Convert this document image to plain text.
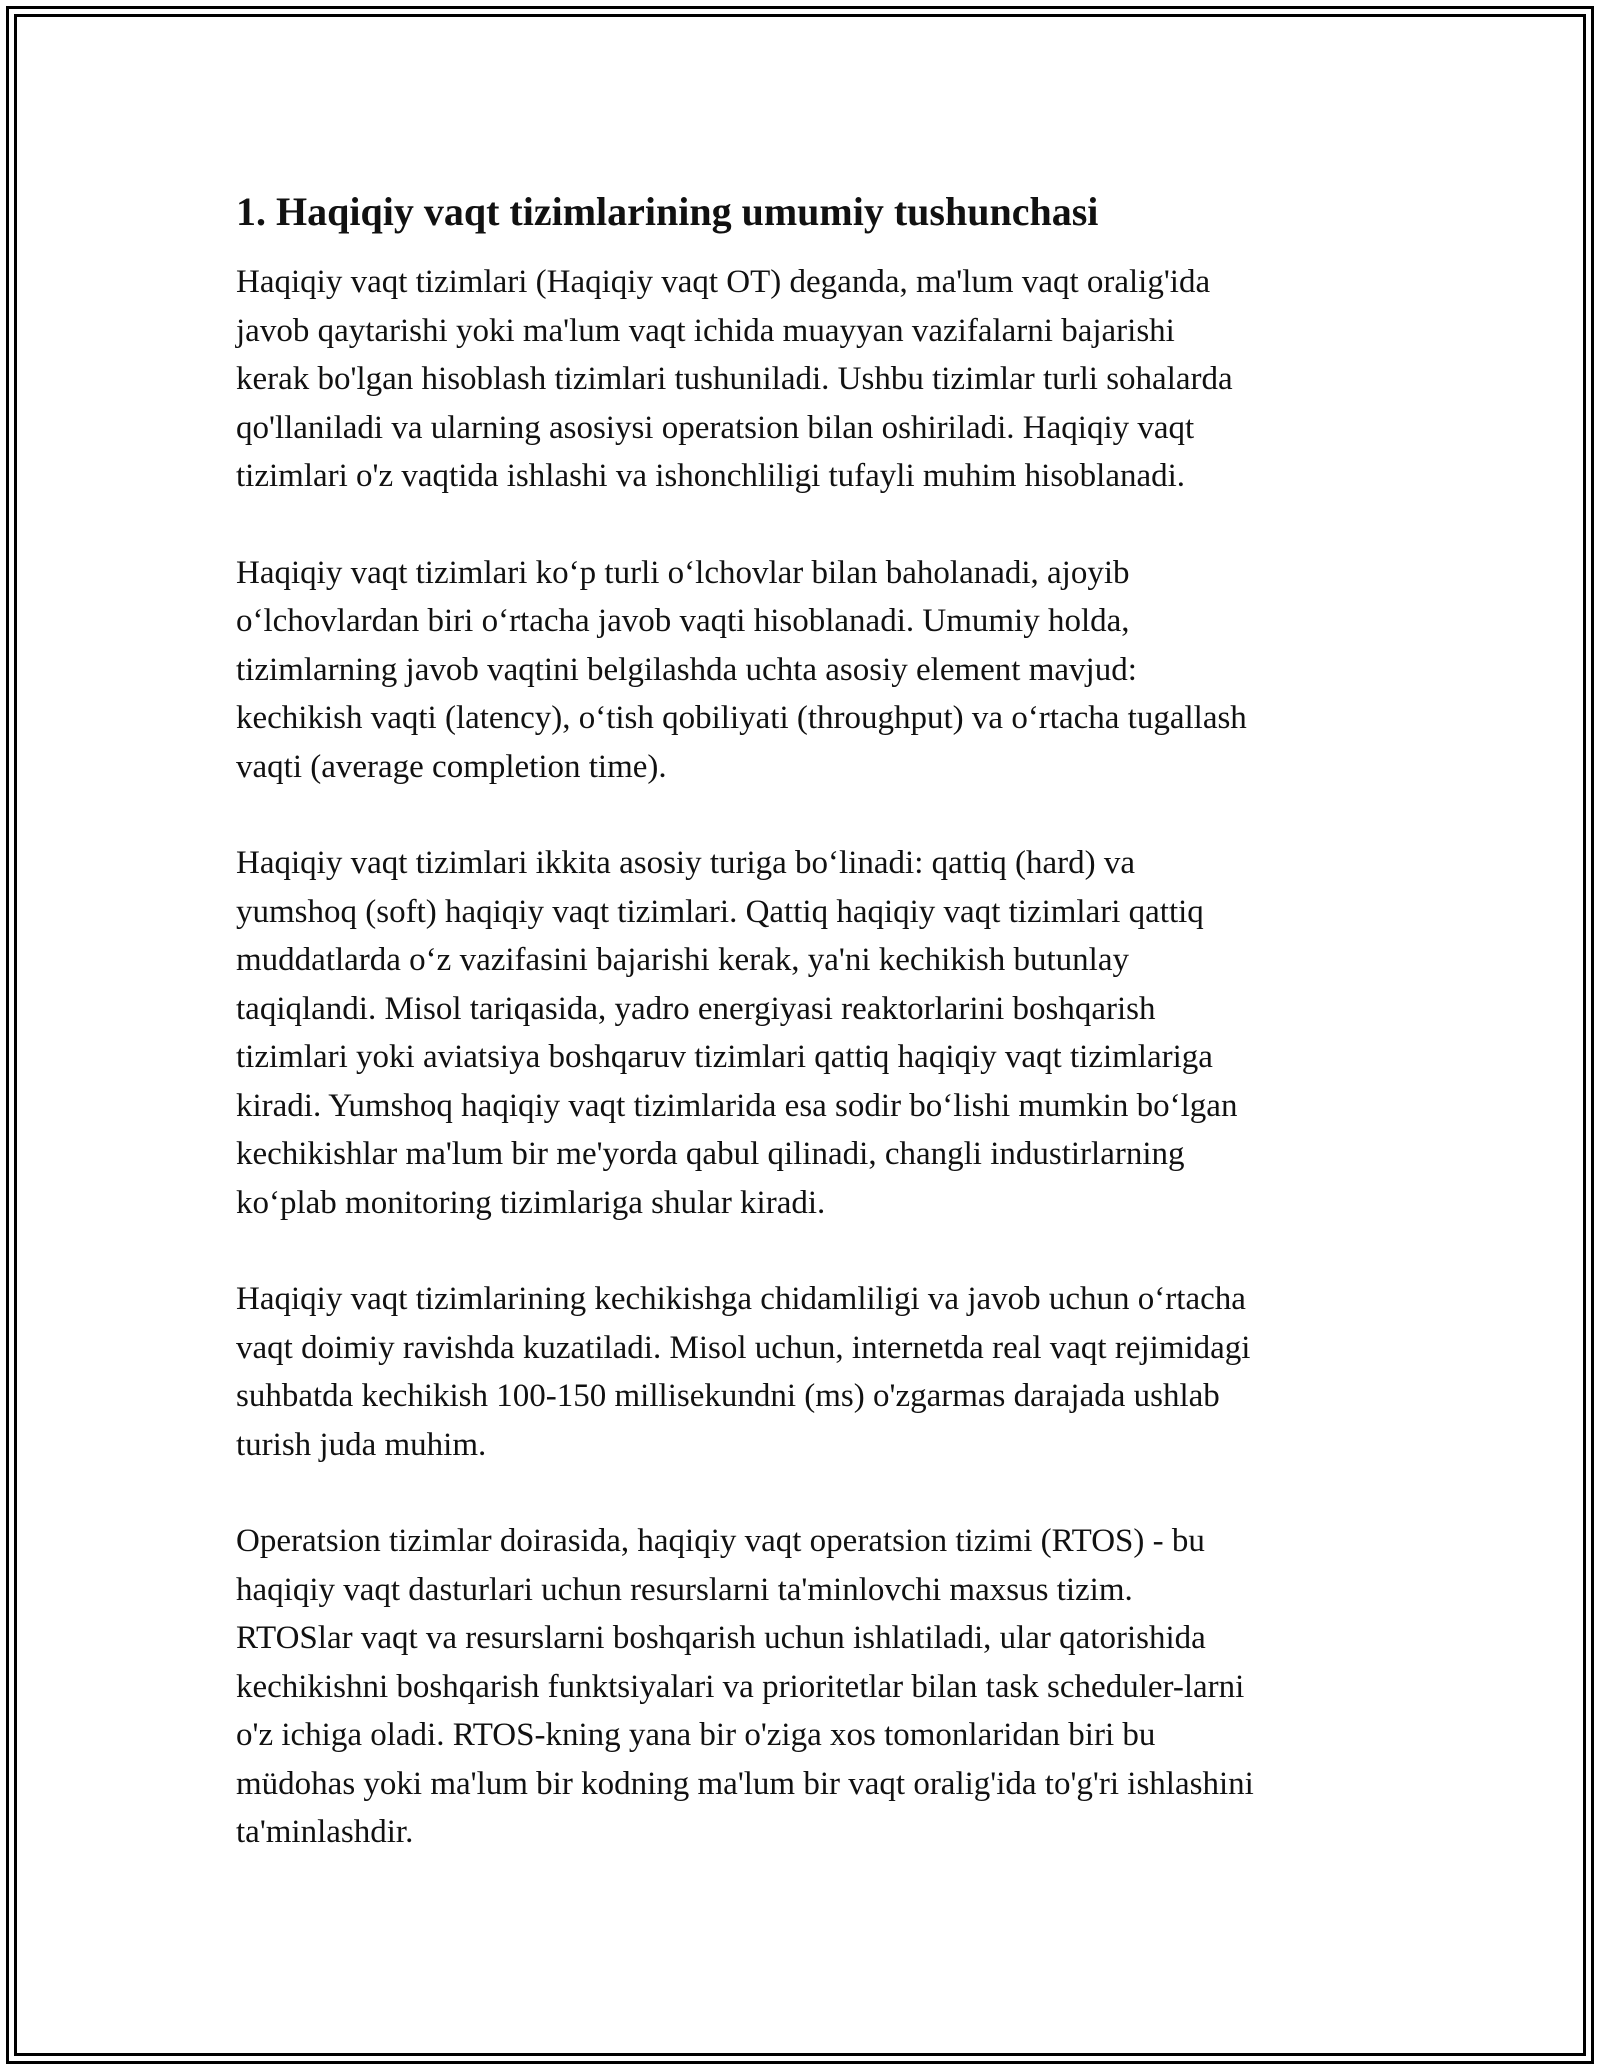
1. Haqiqiy vaqt tizimlarining umumiy tushunchasi
Haqiqiy vaqt tizimlari (Haqiqiy vaqt OT) deganda, ma'lum vaqt oralig'ida
javob qaytarishi yoki ma'lum vaqt ichida muayyan vazifalarni bajarishi
kerak bo'lgan hisoblash tizimlari tushuniladi. Ushbu tizimlar turli sohalarda
qo'llaniladi va ularning asosiysi operatsion bilan oshiriladi. Haqiqiy vaqt
tizimlari o'z vaqtida ishlashi va ishonchliligi tufayli muhim hisoblanadi.
Haqiqiy vaqt tizimlari koʻp turli oʻlchovlar bilan baholanadi, ajoyib
oʻlchovlardan biri oʻrtacha javob vaqti hisoblanadi. Umumiy holda,
tizimlarning javob vaqtini belgilashda uchta asosiy element mavjud:
kechikish vaqti (latency), oʻtish qobiliyati (throughput) va oʻrtacha tugallash
vaqti (average completion time).
Haqiqiy vaqt tizimlari ikkita asosiy turiga boʻlinadi: qattiq (hard) va
yumshoq (soft) haqiqiy vaqt tizimlari. Qattiq haqiqiy vaqt tizimlari qattiq
muddatlarda oʻz vazifasini bajarishi kerak, ya'ni kechikish butunlay
taqiqlandi. Misol tariqasida, yadro energiyasi reaktorlarini boshqarish
tizimlari yoki aviatsiya boshqaruv tizimlari qattiq haqiqiy vaqt tizimlariga
kiradi. Yumshoq haqiqiy vaqt tizimlarida esa sodir boʻlishi mumkin boʻlgan
kechikishlar ma'lum bir me'yorda qabul qilinadi, changli industirlarning
koʻplab monitoring tizimlariga shular kiradi.
Haqiqiy vaqt tizimlarining kechikishga chidamliligi va javob uchun oʻrtacha
vaqt doimiy ravishda kuzatiladi. Misol uchun, internetda real vaqt rejimidagi
suhbatda kechikish 100-150 millisekundni (ms) o'zgarmas darajada ushlab
turish juda muhim.
Operatsion tizimlar doirasida, haqiqiy vaqt operatsion tizimi (RTOS) - bu
haqiqiy vaqt dasturlari uchun resurslarni ta'minlovchi maxsus tizim.
RTOSlar vaqt va resurslarni boshqarish uchun ishlatiladi, ular qatorishida
kechikishni boshqarish funktsiyalari va prioritetlar bilan task scheduler-larni
o'z ichiga oladi. RTOS-kning yana bir o'ziga xos tomonlaridan biri bu
müdohas yoki ma'lum bir kodning ma'lum bir vaqt oralig'ida to'g'ri ishlashini
ta'minlashdir.
